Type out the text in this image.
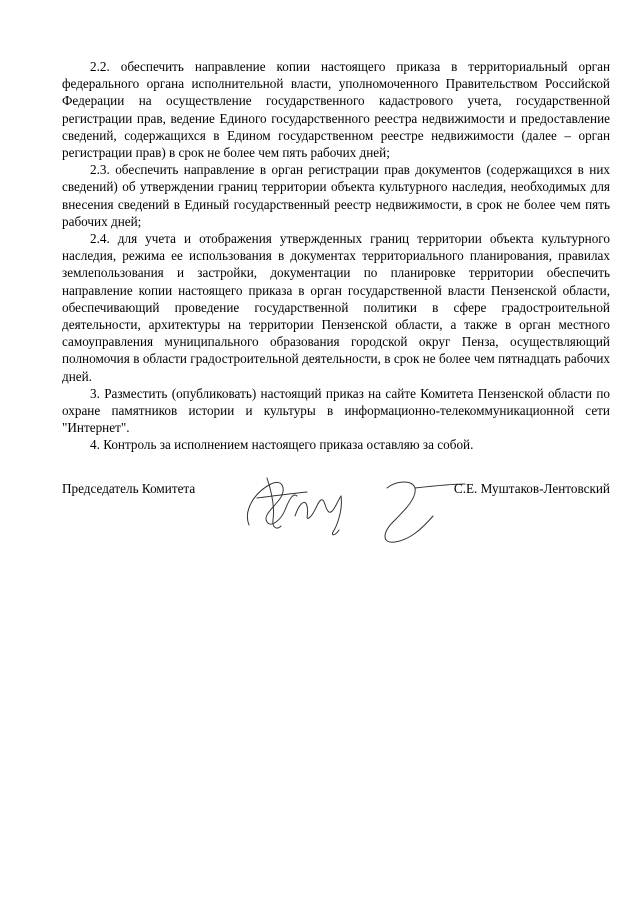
2.2. обеспечить направление копии настоящего приказа в территориальный орган федерального органа исполнительной власти, уполномоченного Правительством Российской Федерации на осуществление государственного кадастрового учета, государственной регистрации прав, ведение Единого государственного реестра недвижимости и предоставление сведений, содержащихся в Едином государственном реестре недвижимости (далее – орган регистрации прав) в срок не более чем пять рабочих дней;

2.3. обеспечить направление в орган регистрации прав документов (содержащихся в них сведений) об утверждении границ территории объекта культурного наследия, необходимых для внесения сведений в Единый государственный реестр недвижимости, в срок не более чем пять рабочих дней;

2.4. для учета и отображения утвержденных границ территории объекта культурного наследия, режима ее использования в документах территориального планирования, правилах землепользования и застройки, документации по планировке территории обеспечить направление копии настоящего приказа в орган государственной власти Пензенской области, обеспечивающий проведение государственной политики в сфере градостроительной деятельности, архитектуры на территории Пензенской области, а также в орган местного самоуправления муниципального образования городской округ Пенза, осуществляющий полномочия в области градостроительной деятельности, в срок не более чем пятнадцать рабочих дней.

3. Разместить (опубликовать) настоящий приказ на сайте Комитета Пензенской области по охране памятников истории и культуры в информационно-телекоммуникационной сети "Интернет".

4. Контроль за исполнением настоящего приказа оставляю за собой.

Председатель Комитета	С.Е. Муштаков-Лентовский
